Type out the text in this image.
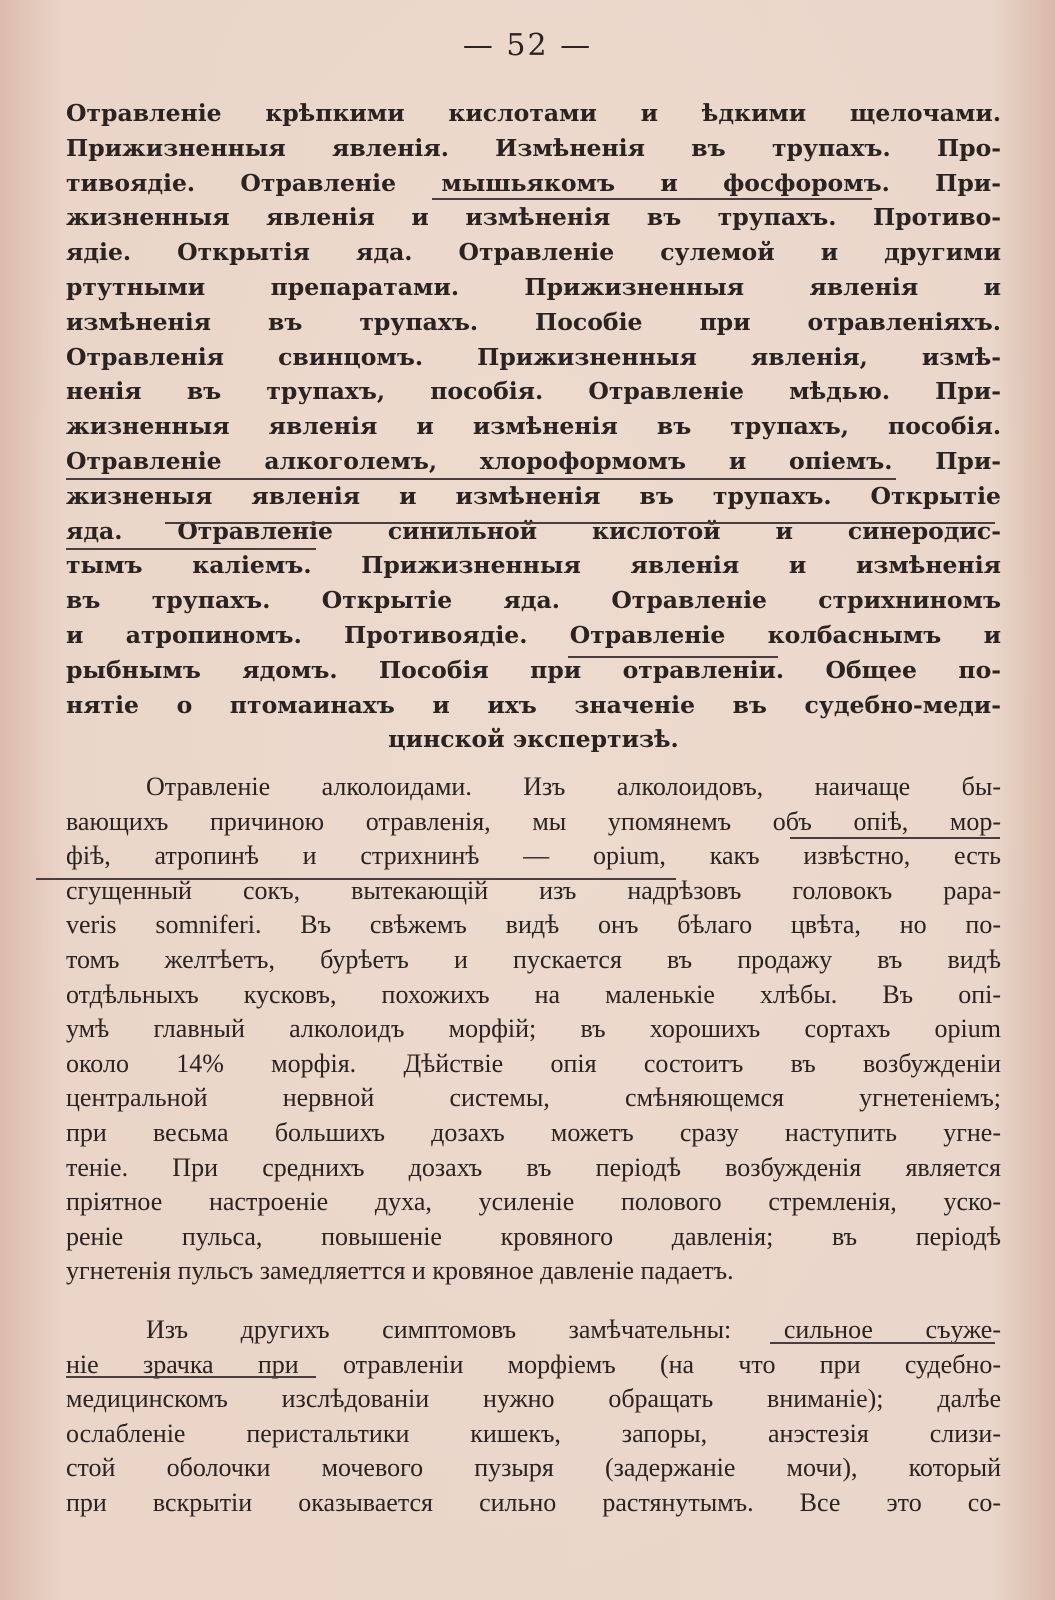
— 52 —
Отравленіе крѣпкими кислотами и ѣдкими щелочами.
Прижизненныя явленія. Измѣненія въ трупахъ. Про-
тивоядіе. Отравленіе мышьякомъ и фосфоромъ. При-
жизненныя явленія и измѣненія въ трупахъ. Противо-
ядіе. Открытія яда. Отравленіе сулемой и другими
ртутными препаратами. Прижизненныя явленія и
измѣненія въ трупахъ. Пособіе при отравленіяхъ.
Отравленія свинцомъ. Прижизненныя явленія, измѣ-
ненія въ трупахъ, пособія. Отравленіе мѣдью. При-
жизненныя явленія и измѣненія въ трупахъ, пособія.
Отравленіе алкоголемъ, хлороформомъ и опіемъ. При-
жизненыя явленія и измѣненія въ трупахъ. Открытіе
яда. Отравленіе синильной кислотой и синеродис-
тымъ каліемъ. Прижизненныя явленія и измѣненія
въ трупахъ. Открытіе яда. Отравленіе стрихниномъ
и атропиномъ. Противоядіе. Отравленіе колбаснымъ и
рыбнымъ ядомъ. Пособія при отравленіи. Общее по-
нятіе о птомаинахъ и ихъ значеніе въ судебно-меди-
цинской экспертизѣ.
Отравленіе алколоидами. Изъ алколоидовъ, наичаще бы-
вающихъ причиною отравленія, мы упомянемъ объ опіѣ, мор-
фіѣ, атропинѣ и стрихнинѣ — opium, какъ извѣстно, есть
сгущенный сокъ, вытекающій изъ надрѣзовъ головокъ papa-
veris somniferi. Въ свѣжемъ видѣ онъ бѣлаго цвѣта, но по-
томъ желтѣетъ, бурѣетъ и пускается въ продажу въ видѣ
отдѣльныхъ кусковъ, похожихъ на маленькіе хлѣбы. Въ опі-
умѣ главный алколоидъ морфій; въ хорошихъ сортахъ opium
около 14% морфія. Дѣйствіе опія состоитъ въ возбужденіи
центральной нервной системы, смѣняющемся угнетеніемъ;
при весьма большихъ дозахъ можетъ сразу наступить угне-
теніе. При среднихъ дозахъ въ періодѣ возбужденія является
пріятное настроеніе духа, усиленіе полового стремленія, уско-
реніе пульса, повышеніе кровяного давленія; въ періодѣ
угнетенія пульсъ замедляеттся и кровяное давленіе падаетъ.
Изъ другихъ симптомовъ замѣчательны: сильное съуже-
ніе зрачка при отравленіи морфіемъ (на что при судебно-
медицинскомъ изслѣдованіи нужно обращать вниманіе); далѣе
ослабленіе перистальтики кишекъ, запоры, анэстезія слизи-
стой оболочки мочевого пузыря (задержаніе мочи), который
при вскрытіи оказывается сильно растянутымъ. Все это со-
